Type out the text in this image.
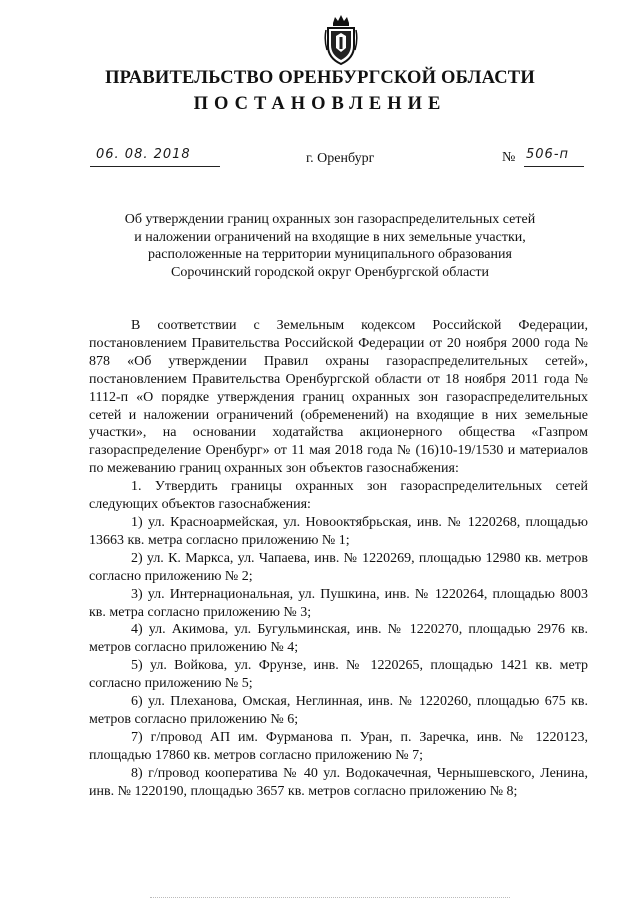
ПРАВИТЕЛЬСТВО ОРЕНБУРГСКОЙ ОБЛАСТИ
ПОСТАНОВЛЕНИЕ
06. 08. 2018	г. Оренбург	№ 506-п
Об утверждении границ охранных зон газораспределительных сетей
и наложении ограничений на входящие в них земельные участки,
расположенные на территории муниципального образования
Сорочинский городской округ Оренбургской области

В соответствии с Земельным кодексом Российской Федерации, постановлением Правительства Российской Федерации от 20 ноября 2000 года № 878 «Об утверждении Правил охраны газораспределительных сетей», постановлением Правительства Оренбургской области от 18 ноября 2011 года № 1112-п «О порядке утверждения границ охранных зон газораспределительных сетей и наложении ограничений (обременений) на входящие в них земельные участки», на основании ходатайства акционерного общества «Газпром газораспределение Оренбург» от 11 мая 2018 года № (16)10-19/1530 и материалов по межеванию границ охранных зон объектов газоснабжения:

1. Утвердить границы охранных зон газораспределительных сетей следующих объектов газоснабжения:

1) ул. Красноармейская, ул. Новооктябрьская, инв. № 1220268, площадью 13663 кв. метра согласно приложению № 1;

2) ул. К. Маркса, ул. Чапаева, инв. № 1220269, площадью 12980 кв. метров согласно приложению № 2;

3) ул. Интернациональная, ул. Пушкина, инв. № 1220264, площадью 8003 кв. метра согласно приложению № 3;

4) ул. Акимова, ул. Бугульминская, инв. № 1220270, площадью 2976 кв. метров согласно приложению № 4;

5) ул. Войкова, ул. Фрунзе, инв. № 1220265, площадью 1421 кв. метр согласно приложению № 5;

6) ул. Плеханова, Омская, Неглинная, инв. № 1220260, площадью 675 кв. метров согласно приложению № 6;

7) г/провод АП им. Фурманова п. Уран, п. Заречка, инв. № 1220123, площадью 17860 кв. метров согласно приложению № 7;

8) г/провод кооператива № 40 ул. Водокачечная, Чернышевского, Ленина, инв. № 1220190, площадью 3657 кв. метров согласно приложению № 8;
